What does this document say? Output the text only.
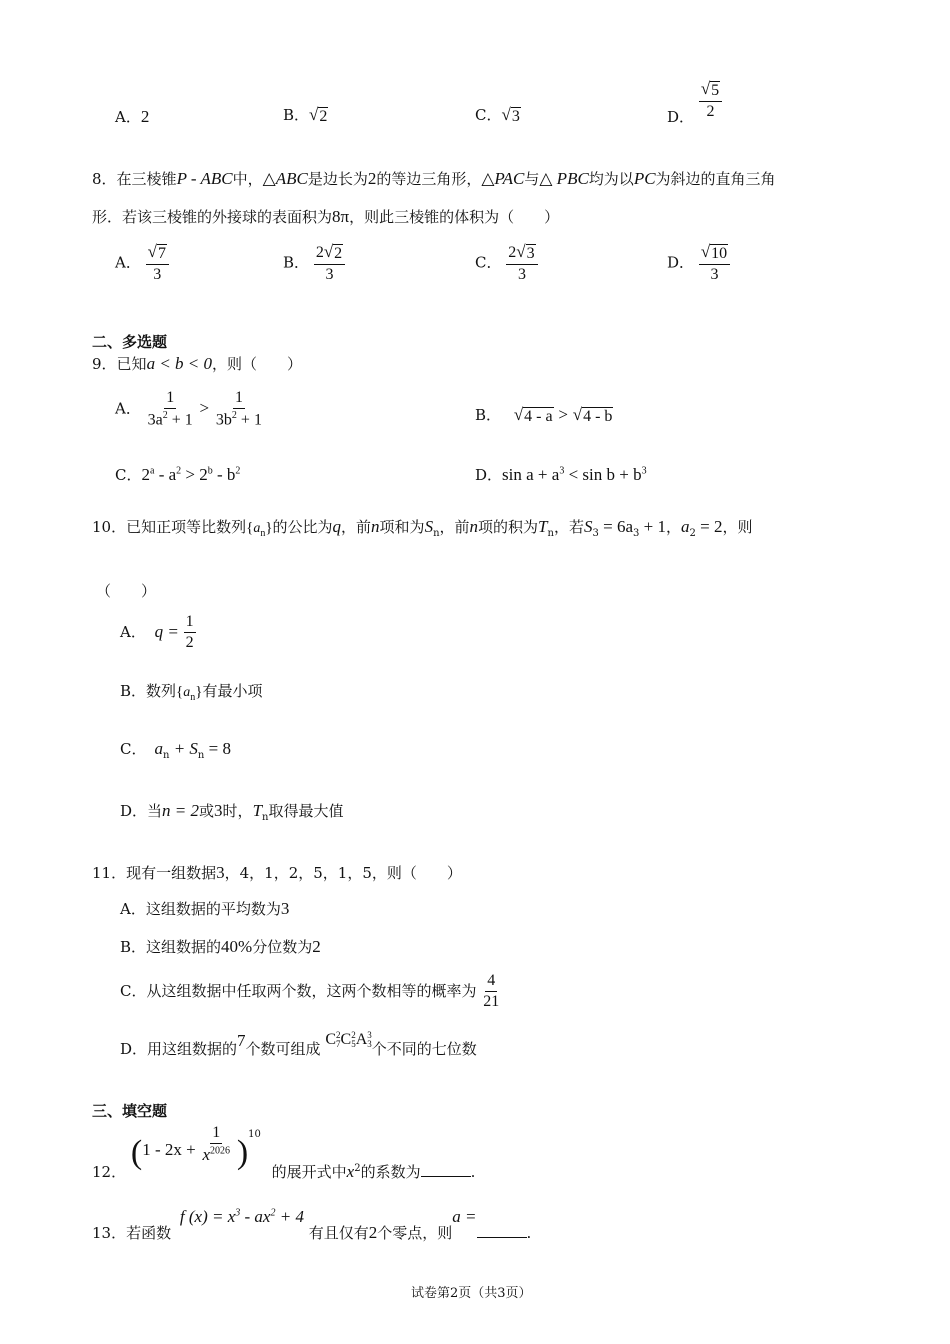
A．2	B． √ 2	C． √ 3	D． $\frac{√ 5}{2}$
8．在三棱锥P - ABC中，△ABC是边长为2的等边三角形，△PAC与△ PBC均为以PC为斜边的直角三角
形．若该三棱锥的外接球的表面积为8π，则此三棱锥的体积为（　　）
A． $\frac{√ 7}{3}$	B． $\frac{2 √ 2}{3}$	C． $\frac{2 √ 3}{3}$	D． $\frac{√ 10}{3}$
二、多选题
9．已知a < b < 0，则（　　）
A． $\frac{1}{3a^2 + 1} > \frac{1}{3b^2 + 1}$	B． √ 4 - a > √ 4 - b
C．$2^a - a^2 > 2^b - b^2$	D．$\sin a + a^3 < \sin b + b^3$
10．已知正项等比数列$\{a_n\}$的公比为q，前n项和为$S_n$，前n项的积为$T_n$，若$S_3 = 6a_3 + 1$，$a_2 = 2$，则
（　　）
A． $q = \frac{1}{2}$
B．数列$\{a_n\}$有最小项
C． $a_n + S_n = 8$
D．当n = 2或3时，$T_n$取得最大值
11．现有一组数据3，4，1，2，5，1，5，则（　　）
A．这组数据的平均数为3
B．这组数据的40%分位数为2
C．从这组数据中任取两个数，这两个数相等的概率为 $\frac{4}{21}$
D．用这组数据的7个数可组成 C 2
7 C 2
5 A 3
3 个不同的七位数
三、填空题
12． $(1 - 2x + \frac{1}{x^{2026}} )^{10}$ 的展开式中$x^2$的系数为	.
13．若函数 f $(x) = x^3 - ax^2 + 4$ 有且仅有2个零点，则a =.
试卷第2页（共3页）
